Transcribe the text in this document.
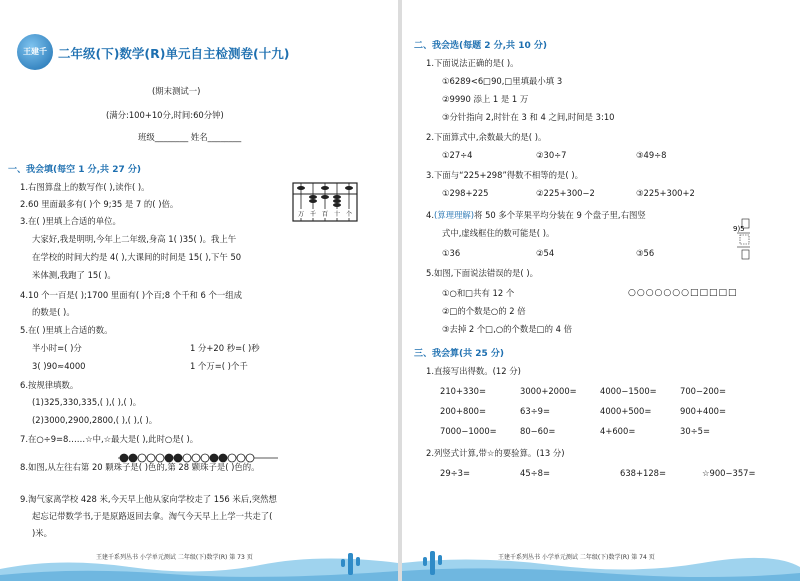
王建千 二年级(下)数学(R)单元自主检测卷(十九)
(期末测试一)
(满分:100+10分,时间:60分钟)
班级________ 姓名________
一、我会填(每空 1 分,共 27 分)
1.右图算盘上的数写作( ),读作( )。
万 千 百 十 个
2.60 里面最多有( )个 9;35 是 7 的( )倍。
3.在( )里填上合适的单位。
大家好,我是明明,今年上二年级,身高 1( )35( )。我上午
在学校的时间大约是 4( ),大课间的时间是 15( ),下午 50
米体测,我跑了 15( )。
4.10 个一百是( );1700 里面有( )个百;8 个千和 6 个一组成
的数是( )。
5.在( )里填上合适的数。
半小时=( )分	1 分+20 秒=( )秒
3( )90≈4000	1 个万=( )个千
6.按规律填数。
(1)325,330,335,( ),( ),( )。
(2)3000,2900,2800,( ),( ),( )。
7.在○÷9=8……☆中,☆最大是( ),此时○是( )。
8.如图,从左往右第 20 颗珠子是( )色的,第 28 颗珠子是( )色的。
9.淘气家离学校 428 米,今天早上他从家向学校走了 156 米后,突然想
起忘记带数学书,于是原路返回去拿。淘气今天早上上学一共走了(
)米。
王建千系列丛书 小学单元测试 二年级(下)数学(R) 第 73 页
二、我会选(每题 2 分,共 10 分)
1.下面说法正确的是( )。
①6289<6□90,□里填最小填 3
②9990 添上 1 是 1 万
③分针指向 2,时针在 3 和 4 之间,时间是 3:10
2.下面算式中,余数最大的是( )。
①27÷4	②30÷7	③49÷8
3.下面与“225+298”得数不相等的是( )。
①298+225	②225+300−2	③225+300+2
4.(算理理解)将 50 多个苹果平均分装在 9 个盘子里,右图竖
式中,虚线框住的数可能是( )。
①36	②54	③56
9)5
5.如图,下面说法错误的是( )。
①○和□共有 12 个	○○○○○○○□□□□□
②□的个数是○的 2 倍
③去掉 2 个□,○的个数是□的 4 倍
三、我会算(共 25 分)
1.直接写出得数。(12 分)
210+330=	3000+2000=	4000−1500=	700−200=
200+800=	63÷9=	4000+500=	900+400=
7000−1000=	80−60=	4+600=	30÷5=
2.列竖式计算,带☆的要验算。(13 分)
29÷3=	45÷8=	638+128=	☆900−357=
王建千系列丛书 小学单元测试 二年级(下)数学(R) 第 74 页
